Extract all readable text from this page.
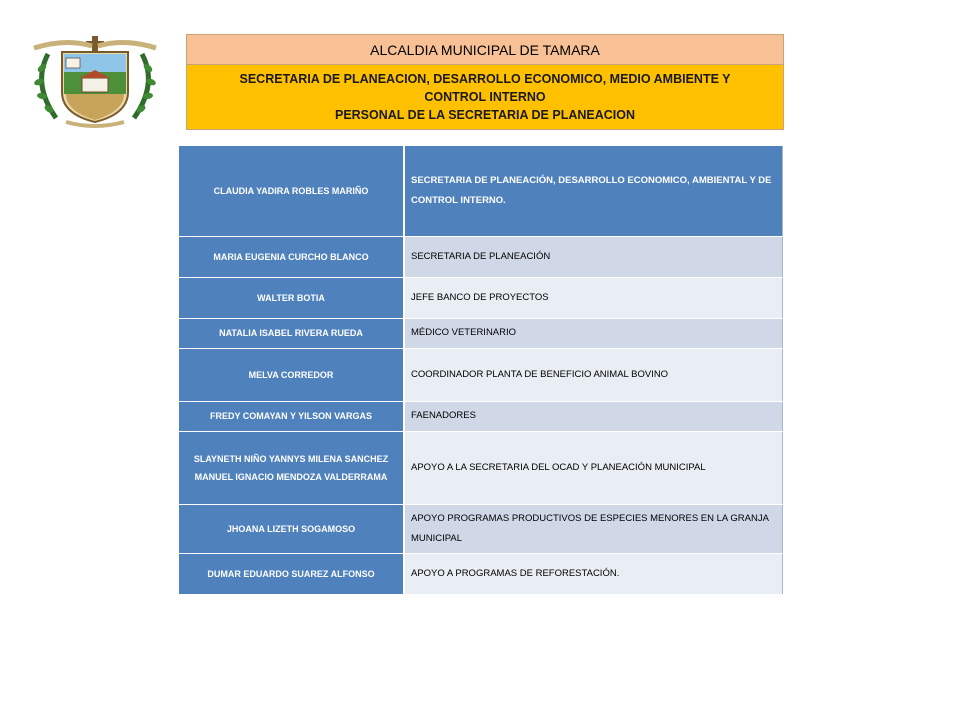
ALCALDIA MUNICIPAL DE TAMARA
SECRETARIA DE PLANEACION, DESARROLLO ECONOMICO, MEDIO AMBIENTE Y
CONTROL INTERNO
PERSONAL DE LA SECRETARIA DE PLANEACION
CLAUDIA YADIRA ROBLES MARIÑO	SECRETARIA DE PLANEACIÓN, DESARROLLO ECONOMICO, AMBIENTAL Y DE CONTROL INTERNO.
MARIA EUGENIA CURCHO BLANCO	SECRETARIA DE PLANEACIÓN
WALTER BOTIA	JEFE BANCO DE PROYECTOS
NATALIA ISABEL RIVERA RUEDA	MÉDICO VETERINARIO
MELVA CORREDOR	COORDINADOR PLANTA DE BENEFICIO ANIMAL BOVINO
FREDY COMAYAN Y YILSON VARGAS	FAENADORES

SLAYNETH NIÑO YANNYS MILENA SANCHEZ
MANUEL IGNACIO MENDOZA VALDERRAMA	APOYO A LA SECRETARIA DEL OCAD Y PLANEACIÓN MUNICIPAL
JHOANA LIZETH SOGAMOSO	APOYO PROGRAMAS PRODUCTIVOS DE ESPECIES MENORES EN LA GRANJA MUNICIPAL
DUMAR EDUARDO SUAREZ ALFONSO	APOYO A PROGRAMAS DE REFORESTACIÓN.
